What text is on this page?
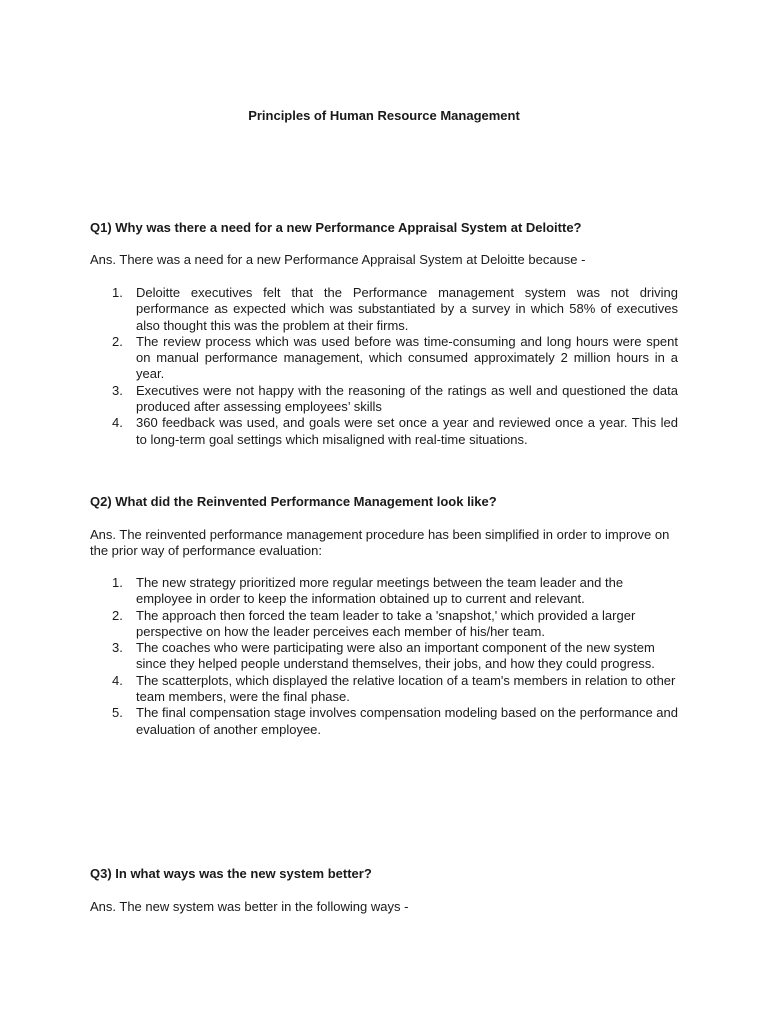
Principles of Human Resource Management

Q1) Why was there a need for a new Performance Appraisal System at Deloitte?

Ans. There was a need for a new Performance Appraisal System at Deloitte because -

1. Deloitte executives felt that the Performance management system was not driving performance as expected which was substantiated by a survey in which 58% of executives also thought this was the problem at their firms.
2. The review process which was used before was time-consuming and long hours were spent on manual performance management, which consumed approximately 2 million hours in a year.
3. Executives were not happy with the reasoning of the ratings as well and questioned the data produced after assessing employees’ skills
4. 360 feedback was used, and goals were set once a year and reviewed once a year. This led to long-term goal settings which misaligned with real-time situations.

Q2) What did the Reinvented Performance Management look like?

Ans. The reinvented performance management procedure has been simplified in order to improve on the prior way of performance evaluation:

1. The new strategy prioritized more regular meetings between the team leader and the employee in order to keep the information obtained up to current and relevant.
2. The approach then forced the team leader to take a 'snapshot,' which provided a larger perspective on how the leader perceives each member of his/her team.
3. The coaches who were participating were also an important component of the new system since they helped people understand themselves, their jobs, and how they could progress.
4. The scatterplots, which displayed the relative location of a team's members in relation to other team members, were the final phase.
5. The final compensation stage involves compensation modeling based on the performance and evaluation of another employee.

Q3) In what ways was the new system better?

Ans. The new system was better in the following ways -
